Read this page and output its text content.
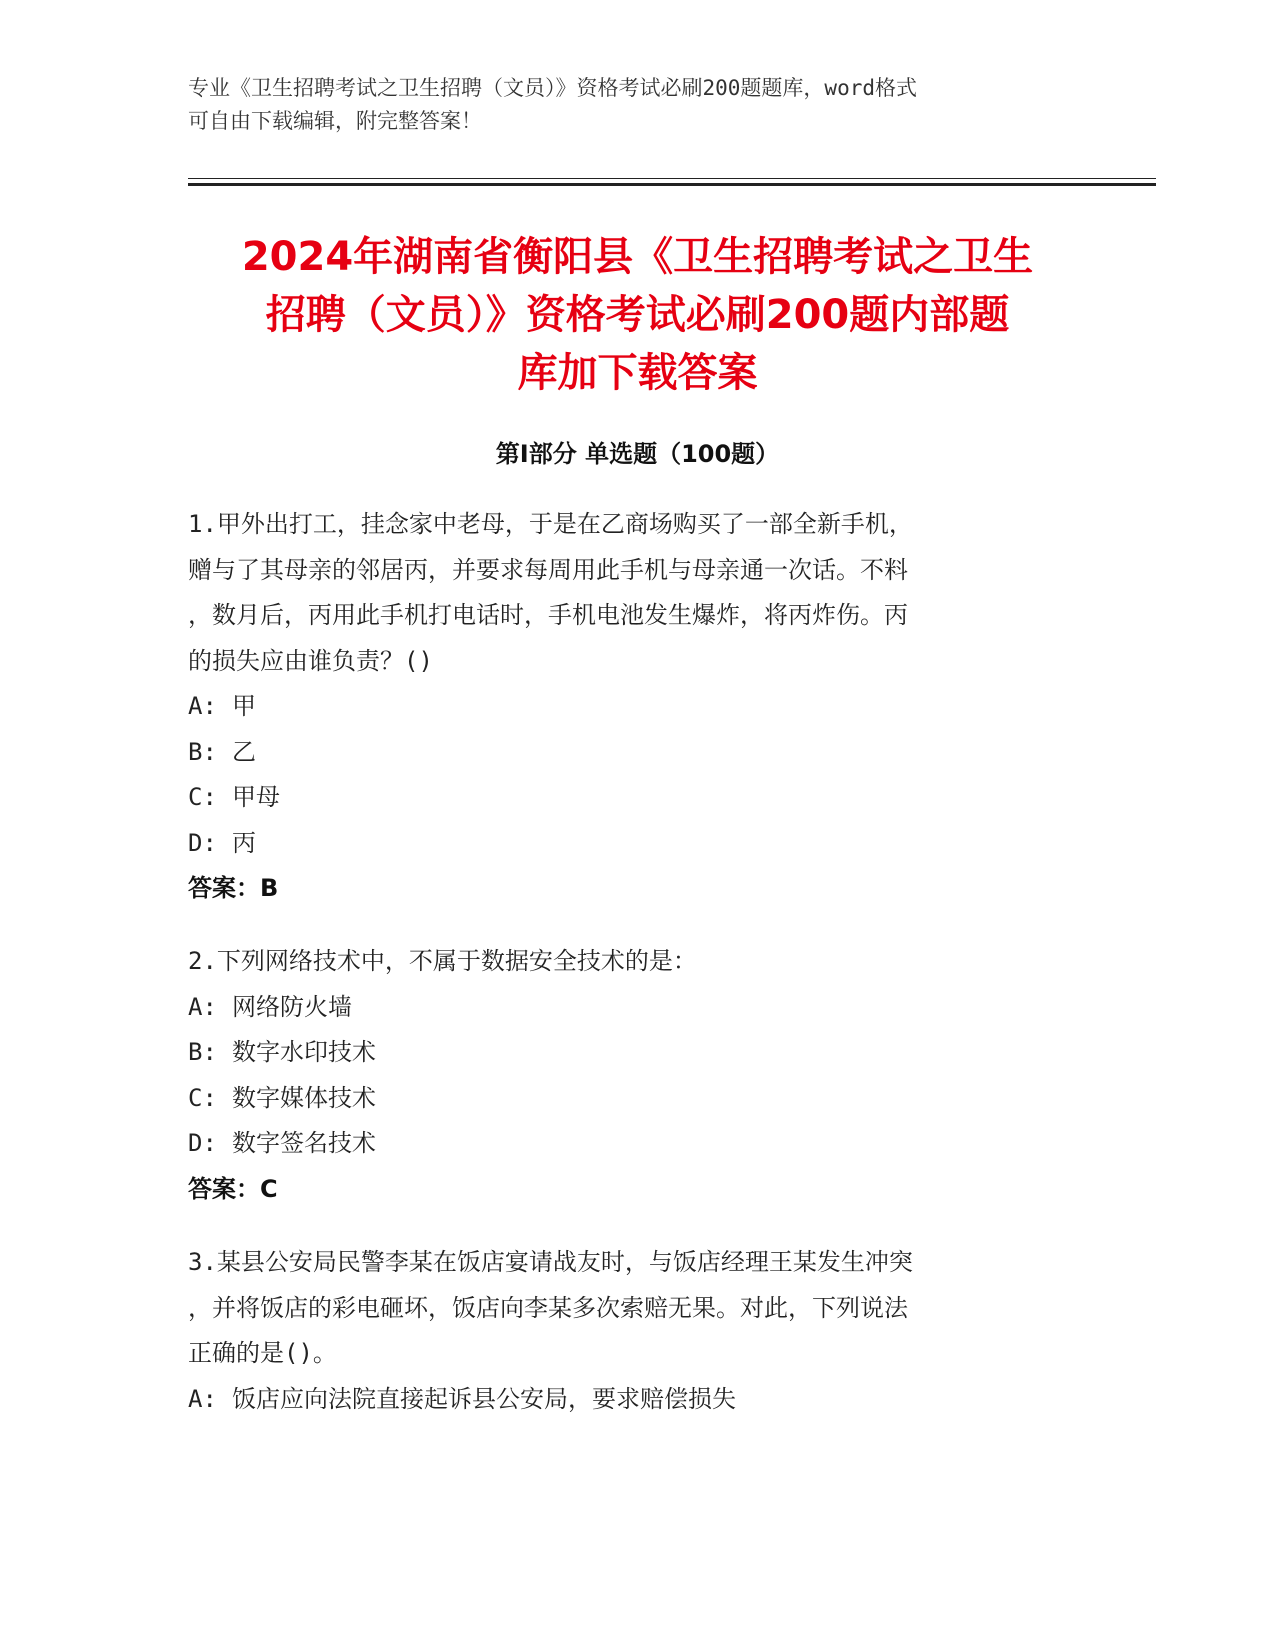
专业《卫生招聘考试之卫生招聘（文员）》资格考试必刷200题题库，word格式
可自由下载编辑，附完整答案！
2024年湖南省衡阳县《卫生招聘考试之卫生
招聘（文员）》资格考试必刷200题内部题
库加下载答案
第Ⅰ部分 单选题（100题）
1.甲外出打工，挂念家中老母，于是在乙商场购买了一部全新手机，
赠与了其母亲的邻居丙，并要求每周用此手机与母亲通一次话。不料
，数月后，丙用此手机打电话时，手机电池发生爆炸，将丙炸伤。丙
的损失应由谁负责？()
A: 甲
B: 乙
C: 甲母
D: 丙
答案：B
2.下列网络技术中，不属于数据安全技术的是：
A: 网络防火墙
B: 数字水印技术
C: 数字媒体技术
D: 数字签名技术
答案：C
3.某县公安局民警李某在饭店宴请战友时，与饭店经理王某发生冲突
，并将饭店的彩电砸坏，饭店向李某多次索赔无果。对此，下列说法
正确的是()。
A: 饭店应向法院直接起诉县公安局，要求赔偿损失
